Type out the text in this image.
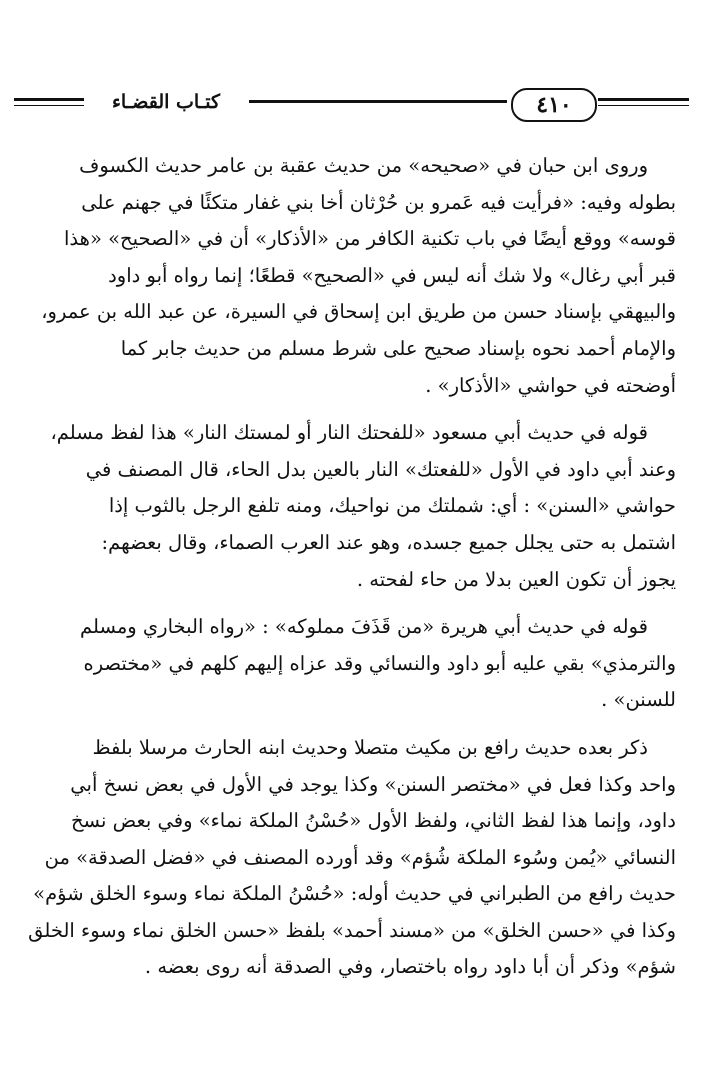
٤١٠
كتـاب القضـاء
وروى ابن حبان في «صحيحه» من حديث عقبة بن عامر حديث الكسوف
بطوله وفيه: «فرأيت فيه عَمرو بن حُرْثان أخا بني غفار متكئًا في جهنم على
قوسه» ووقع أيضًا في باب تكنية الكافر من «الأذكار» أن في «الصحيح» «هذا
قبر أبي رغال» ولا شك أنه ليس في «الصحيح» قطعًا؛ إنما رواه أبو داود
والبيهقي بإسناد حسن من طريق ابن إسحاق في السيرة، عن عبد الله بن عمرو،
والإمام أحمد نحوه بإسناد صحيح على شرط مسلم من حديث جابر كما
أوضحته في حواشي «الأذكار» .
قوله في حديث أبي مسعود «للفحتك النار أو لمستك النار» هذا لفظ مسلم،
وعند أبي داود في الأول «للفعتك» النار بالعين بدل الحاء، قال المصنف في
حواشي «السنن» : أي: شملتك من نواحيك، ومنه تلفع الرجل بالثوب إذا
اشتمل به حتى يجلل جميع جسده، وهو عند العرب الصماء، وقال بعضهم:
يجوز أن تكون العين بدلا من حاء لفحته .
قوله في حديث أبي هريرة «من قَذَفَ مملوكه» : «رواه البخاري ومسلم
والترمذي» بقي عليه أبو داود والنسائي وقد عزاه إليهم كلهم في «مختصره
للسنن» .
ذكر بعده حديث رافع بن مكيث متصلا وحديث ابنه الحارث مرسلا بلفظ
واحد وكذا فعل في «مختصر السنن» وكذا يوجد في الأول في بعض نسخ أبي
داود، وإنما هذا لفظ الثاني، ولفظ الأول «حُسْنُ الملكة نماء» وفي بعض نسخ
النسائي «يُمن وسُوء الملكة شُؤم» وقد أورده المصنف في «فضل الصدقة» من
حديث رافع من الطبراني في حديث أوله: «حُسْنُ الملكة نماء وسوء الخلق شؤم»
وكذا في «حسن الخلق» من «مسند أحمد» بلفظ «حسن الخلق نماء وسوء الخلق
شؤم» وذكر أن أبا داود رواه باختصار، وفي الصدقة أنه روى بعضه .
